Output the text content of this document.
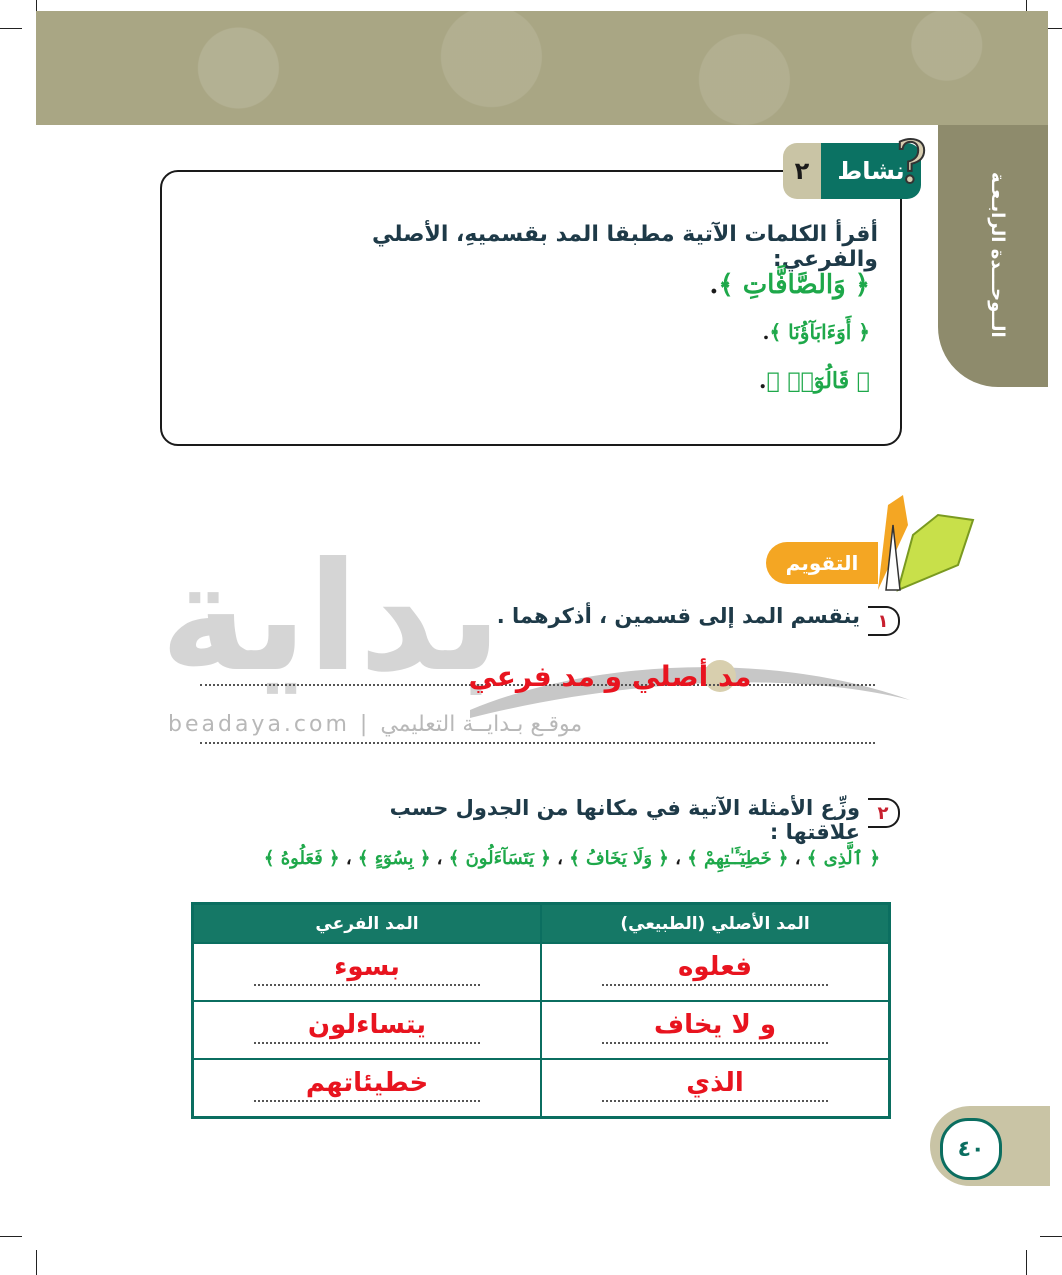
الــوحـــدة الرابـعـة
٢	نشاط
?
أقرأ الكلمات الآتية مطبقا المد بقسميهِ، الأصلي والفرعي:
﴿ وَالصَّافَّاتِ ﴾.
﴿ أَوَءَابَآؤُنَا ﴾.
﴿ قَالُوٓا۟ ﴾.
بداية
beadaya.com | موقـع بـدايــة التعليمي
التقويم
١
ينقسم المد إلى قسمين ، أذكرهما .
مد أصلي و مد فرعي
٢
وزِّع الأمثلة الآتية في مكانها من الجدول حسب علاقتها :
﴿ ٱلَّذِى ﴾ ، ﴿ خَطِيٓـَٔـٰتِهِمْ ﴾ ، ﴿ وَلَا يَخَافُ ﴾ ، ﴿ يَتَسَآءَلُونَ ﴾ ، ﴿ بِسُوٓءٍ ﴾ ، ﴿ فَعَلُوهُ ﴾
المد الفرعي	المد الأصلي (الطبيعي)

بسوء	فعلوه

يتساءلون	و لا يخاف

خطيئاتهم	الذي
٤٠
